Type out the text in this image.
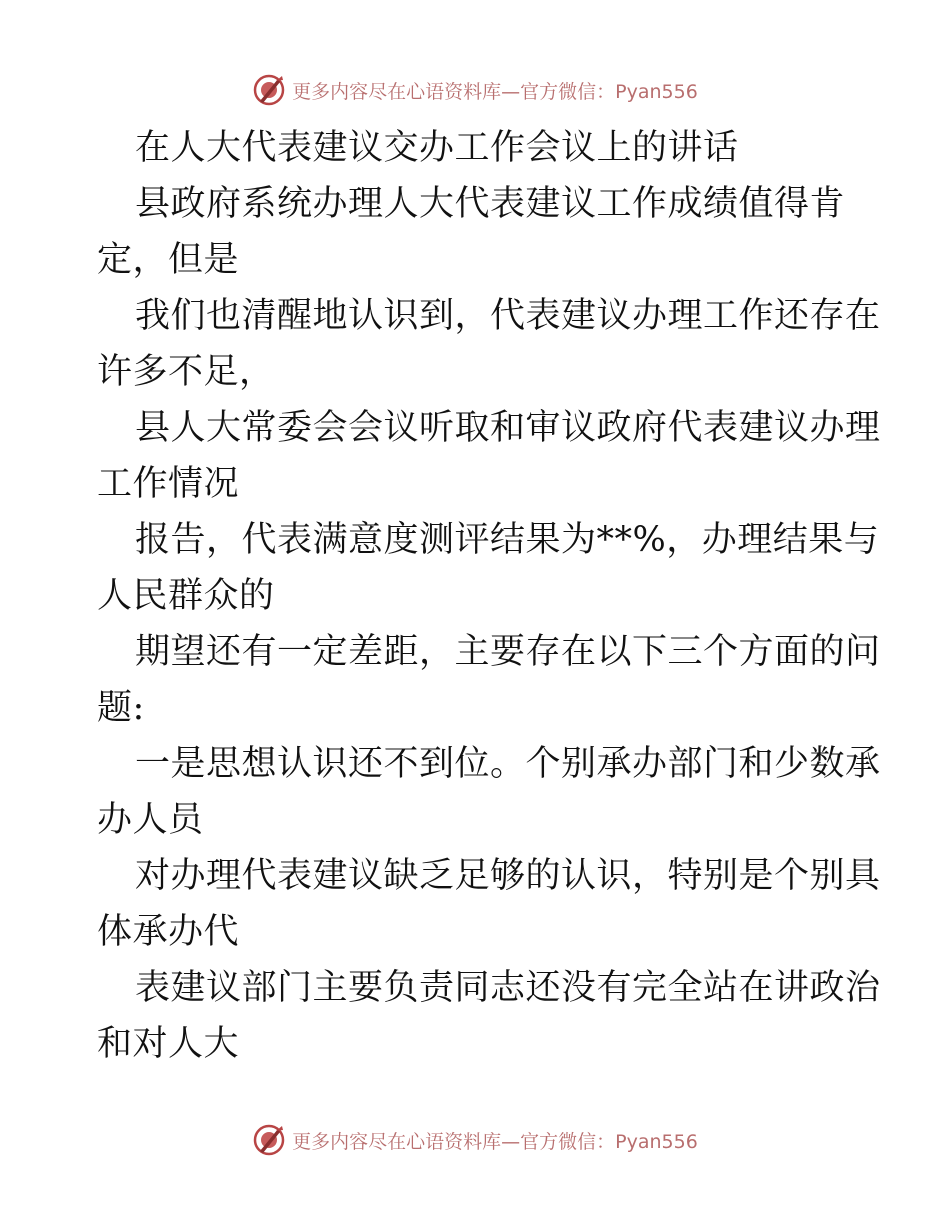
更多内容尽在心语资料库—官方微信：Pyan556
在人大代表建议交办工作会议上的讲话
县政府系统办理人大代表建议工作成绩值得肯
定，但是
我们也清醒地认识到，代表建议办理工作还存在
许多不足，
县人大常委会会议听取和审议政府代表建议办理
工作情况
报告，代表满意度测评结果为**%，办理结果与
人民群众的
期望还有一定差距，主要存在以下三个方面的问
题:
一是思想认识还不到位。个别承办部门和少数承
办人员
对办理代表建议缺乏足够的认识，特别是个别具
体承办代
表建议部门主要负责同志还没有完全站在讲政治
和对人大
更多内容尽在心语资料库—官方微信：Pyan556
